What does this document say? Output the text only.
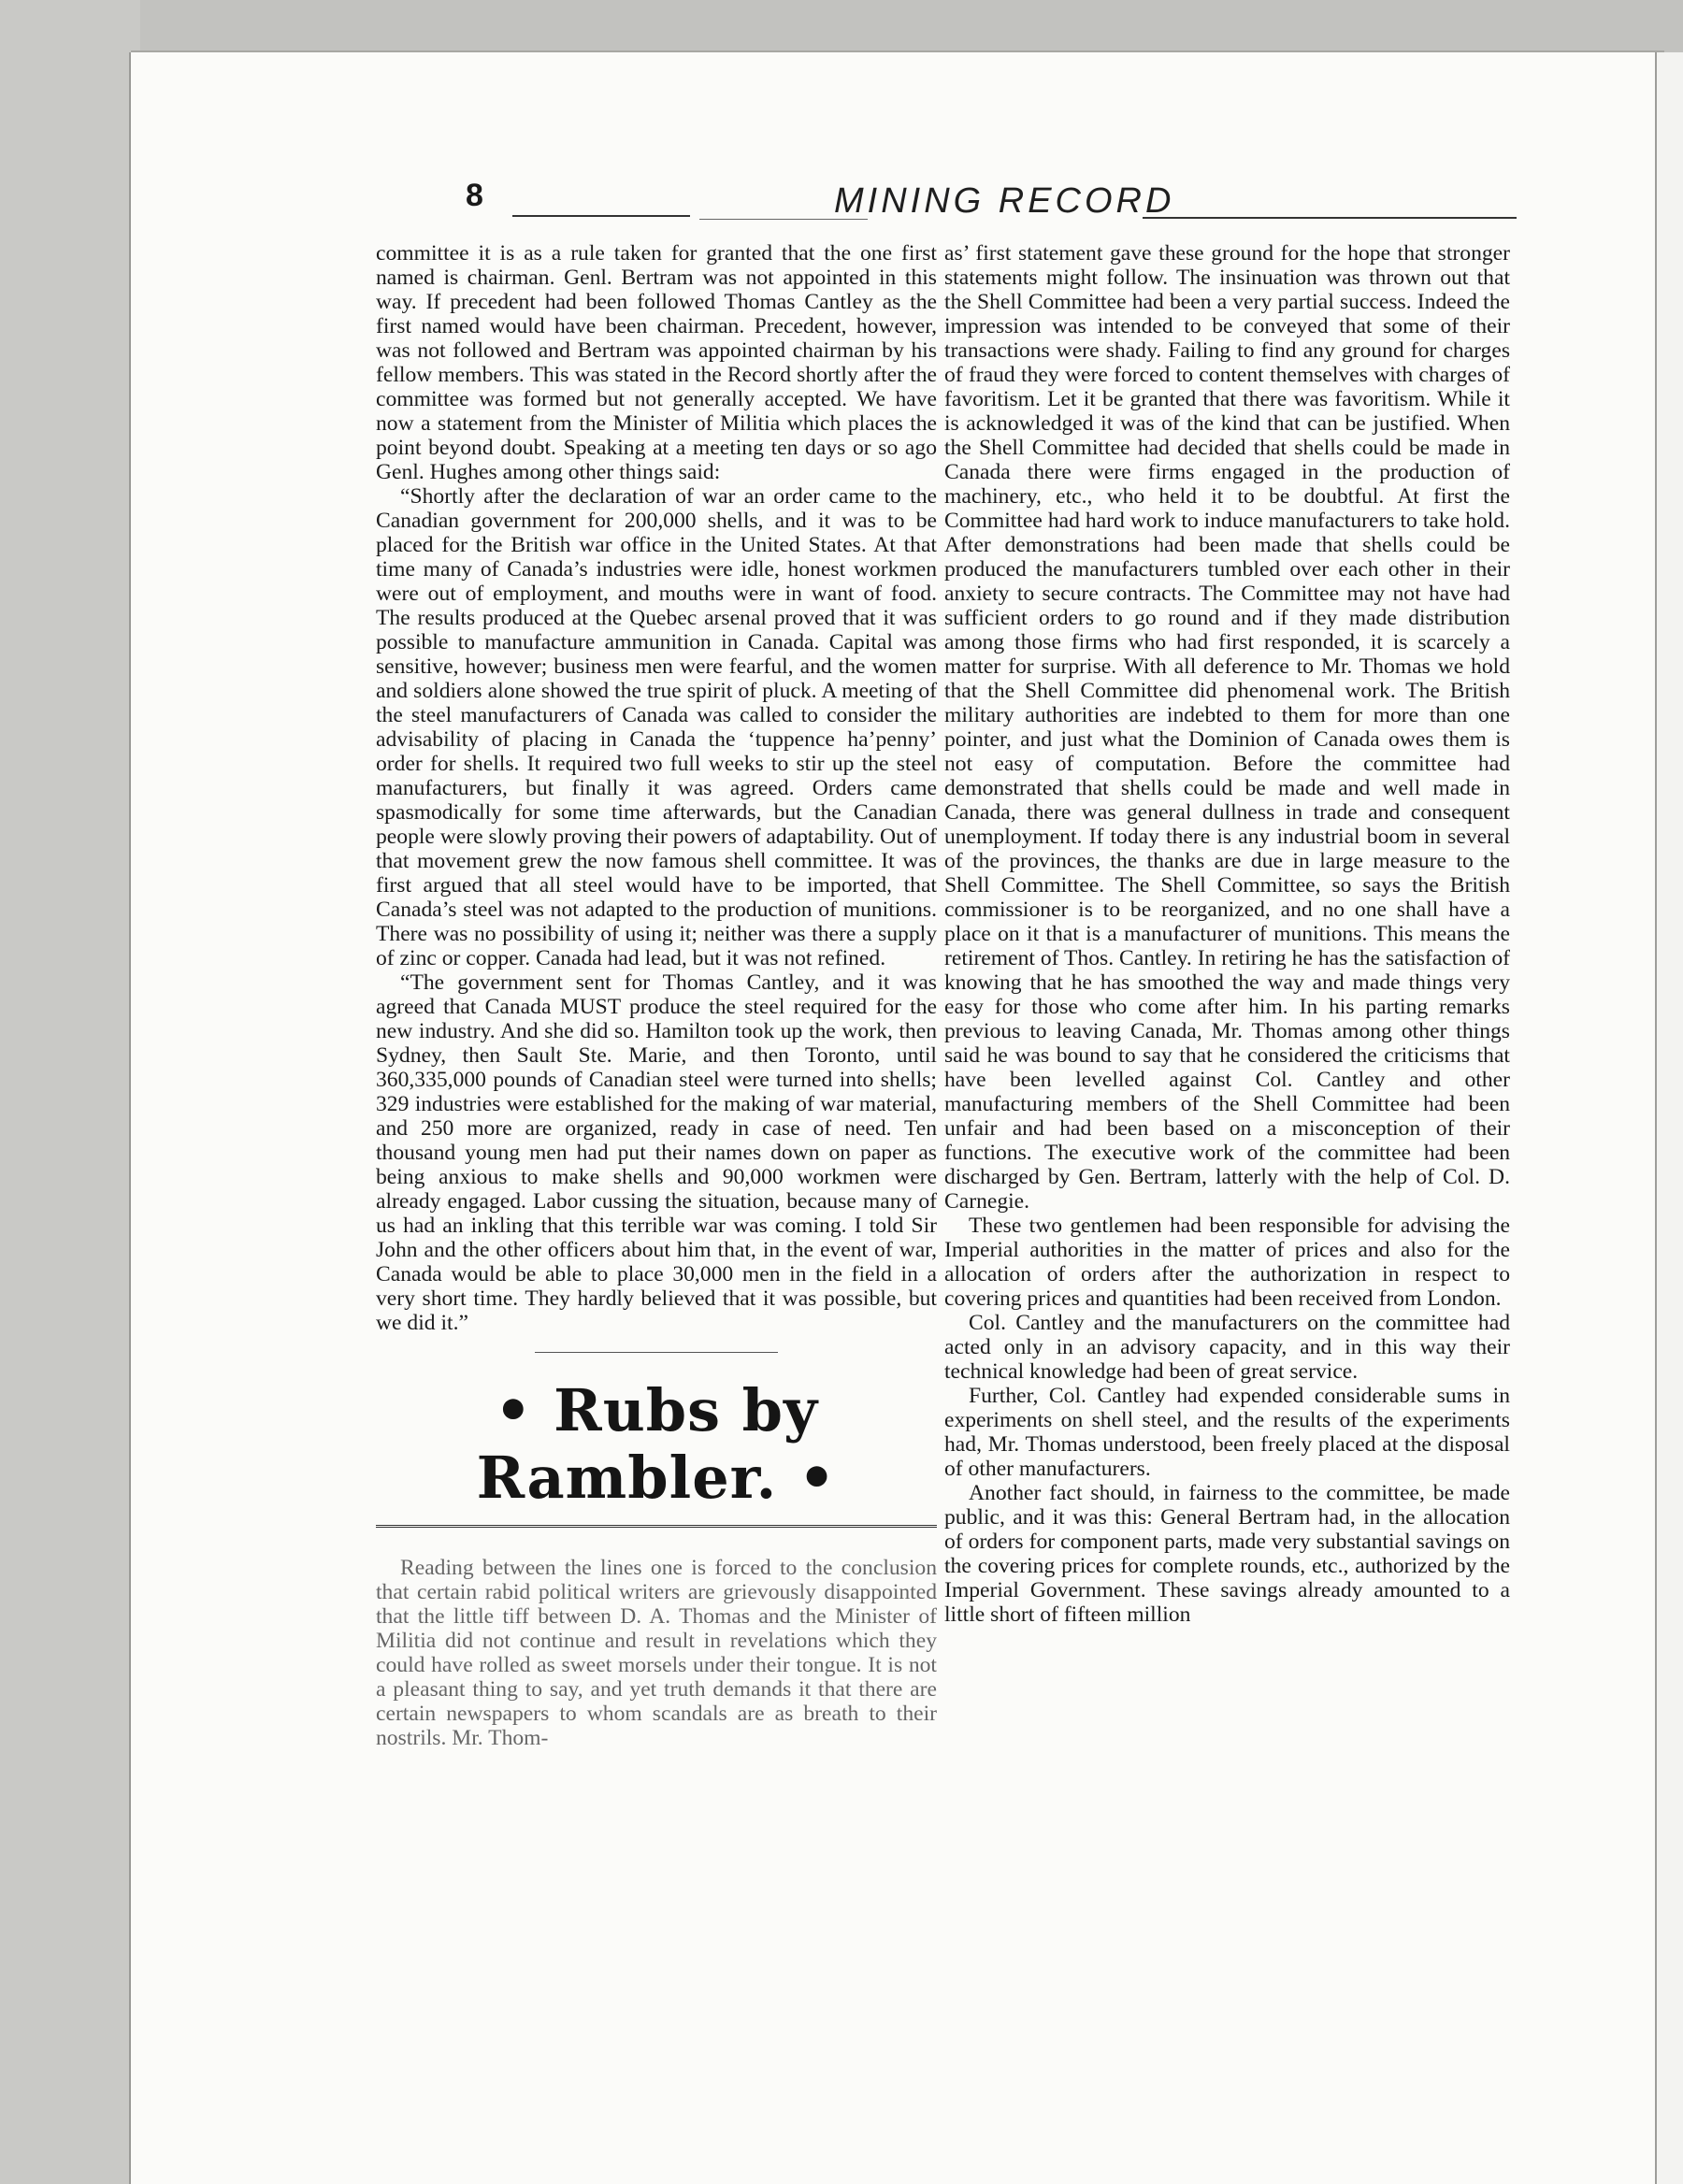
8	MINING RECORD

committee it is as a rule taken for granted that the one first named is chairman. Genl. Bertram was not appointed in this way. If precedent had been followed Thomas Cantley as the first named would have been chairman. Precedent, however, was not followed and Bertram was appointed chairman by his fellow members. This was stated in the Record shortly after the committee was formed but not generally accepted. We have now a statement from the Minister of Militia which places the point beyond doubt. Speaking at a meeting ten days or so ago Genl. Hughes among other things said:

“Shortly after the declaration of war an order came to the Canadian government for 200,000 shells, and it was to be placed for the British war office in the United States. At that time many of Canada’s industries were idle, honest workmen were out of employment, and mouths were in want of food. The results produced at the Quebec arsenal proved that it was possible to manufacture ammunition in Canada. Capital was sensitive, however; business men were fearful, and the women and soldiers alone showed the true spirit of pluck. A meeting of the steel manufacturers of Canada was called to consider the advisability of placing in Canada the ‘tuppence ha’penny’ order for shells. It required two full weeks to stir up the steel manufacturers, but finally it was agreed. Orders came spasmodically for some time afterwards, but the Canadian people were slowly proving their powers of adaptability. Out of that movement grew the now famous shell committee. It was first argued that all steel would have to be imported, that Canada’s steel was not adapted to the production of munitions. There was no possibility of using it; neither was there a supply of zinc or copper. Canada had lead, but it was not refined.

“The government sent for Thomas Cantley, and it was agreed that Canada MUST produce the steel required for the new industry. And she did so. Hamilton took up the work, then Sydney, then Sault Ste. Marie, and then Toronto, until 360,335,000 pounds of Canadian steel were turned into shells; 329 industries were established for the making of war material, and 250 more are organized, ready in case of need. Ten thousand young men had put their names down on paper as being anxious to make shells and 90,000 workmen were already engaged. Labor cussing the situation, because many of us had an inkling that this terrible war was coming. I told Sir John and the other officers about him that, in the event of war, Canada would be able to place 30,000 men in the field in a very short time. They hardly believed that it was possible, but we did it.”

• Rubs by Rambler. •

Reading between the lines one is forced to the conclusion that certain rabid political writers are grievously disappointed that the little tiff between D. A. Thomas and the Minister of Militia did not continue and result in revelations which they could have rolled as sweet morsels under their tongue. It is not a pleasant thing to say, and yet truth demands it that there are certain newspapers to whom scandals are as breath to their nostrils. Mr. Thom-

as’ first statement gave these ground for the hope that stronger statements might follow. The insinuation was thrown out that the Shell Committee had been a very partial success. Indeed the impression was intended to be conveyed that some of their transactions were shady. Failing to find any ground for charges of fraud they were forced to content themselves with charges of favoritism. Let it be granted that there was favoritism. While it is acknowledged it was of the kind that can be justified. When the Shell Committee had decided that shells could be made in Canada there were firms engaged in the production of machinery, etc., who held it to be doubtful. At first the Committee had hard work to induce manufacturers to take hold. After demonstrations had been made that shells could be produced the manufacturers tumbled over each other in their anxiety to secure contracts. The Committee may not have had sufficient orders to go round and if they made distribution among those firms who had first responded, it is scarcely a matter for surprise. With all deference to Mr. Thomas we hold that the Shell Committee did phenomenal work. The British military authorities are indebted to them for more than one pointer, and just what the Dominion of Canada owes them is not easy of computation. Before the committee had demonstrated that shells could be made and well made in Canada, there was general dullness in trade and consequent unemployment. If today there is any industrial boom in several of the provinces, the thanks are due in large measure to the Shell Committee. The Shell Committee, so says the British commissioner is to be reorganized, and no one shall have a place on it that is a manufacturer of munitions. This means the retirement of Thos. Cantley. In retiring he has the satisfaction of knowing that he has smoothed the way and made things very easy for those who come after him. In his parting remarks previous to leaving Canada, Mr. Thomas among other things said he was bound to say that he considered the criticisms that have been levelled against Col. Cantley and other manufacturing members of the Shell Committee had been unfair and had been based on a misconception of their functions. The executive work of the committee had been discharged by Gen. Bertram, latterly with the help of Col. D. Carnegie.

These two gentlemen had been responsible for advising the Imperial authorities in the matter of prices and also for the allocation of orders after the authorization in respect to covering prices and quantities had been received from London.

Col. Cantley and the manufacturers on the committee had acted only in an advisory capacity, and in this way their technical knowledge had been of great service.

Further, Col. Cantley had expended considerable sums in experiments on shell steel, and the results of the experiments had, Mr. Thomas understood, been freely placed at the disposal of other manufacturers.

Another fact should, in fairness to the committee, be made public, and it was this: General Bertram had, in the allocation of orders for component parts, made very substantial savings on the covering prices for complete rounds, etc., authorized by the Imperial Government. These savings already amounted to a little short of fifteen million
